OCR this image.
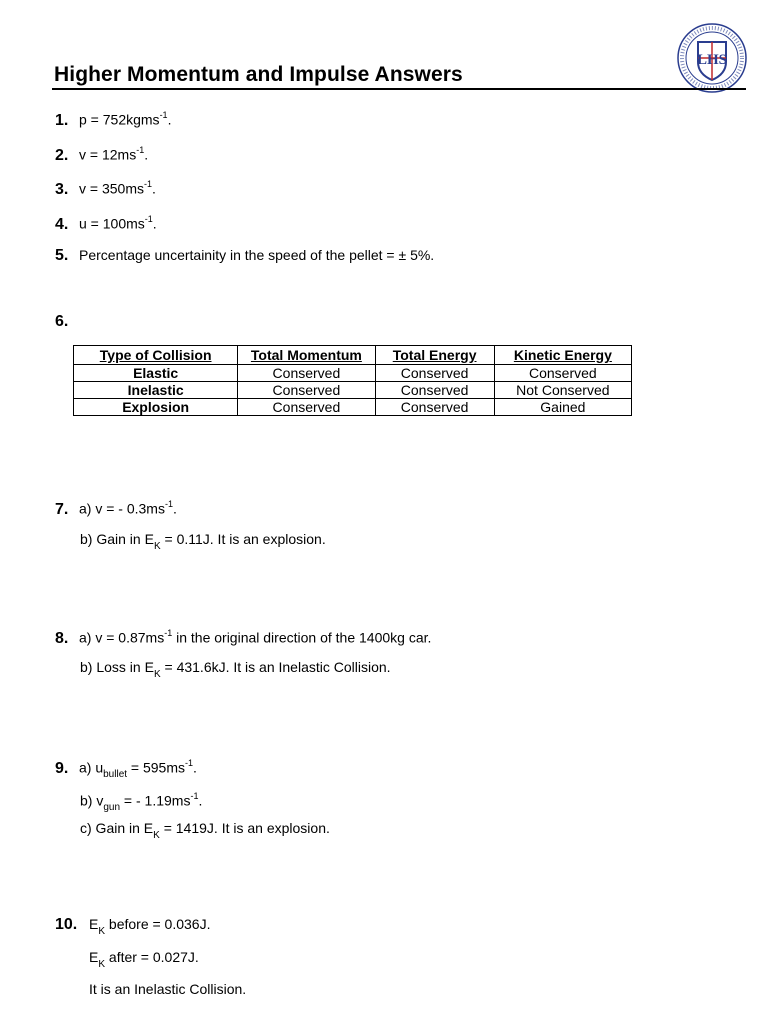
LHS
Higher Momentum and Impulse Answers
1. p = 752kgms$^{-1}$.
2. $v = 12ms^{-1}$.
3. $v = 350ms^{-1}$.
4. $u = 100ms^{-1}$.
5. Percentage uncertainity in the speed of the pellet = ± 5%.
6.
Type of Collision	Total Momentum	Total Energy	Kinetic Energy
Elastic	Conserved	Conserved	Conserved
Inelastic	Conserved	Conserved	Not Conserved
Explosion	Conserved	Conserved	Gained
7. a) v = - $0.3ms^{-1}$.
b) Gain in $E_K = 0.11J$. It is an explosion.
8. a) $v = 0.87ms^{-1}$ in the original direction of the 1400kg car.
b) Loss in $E_K = 431.6kJ$. It is an Inelastic Collision.
9. a) $u_{bullet} = 595ms^{-1}$.
b) $v_{gun}$ = - $1.19ms^{-1}$.
c) Gain in $E_K = 1419J$. It is an explosion.
10. $E_K$ before = 0.036J.
$E_K$ after = 0.027J.
It is an Inelastic Collision.
